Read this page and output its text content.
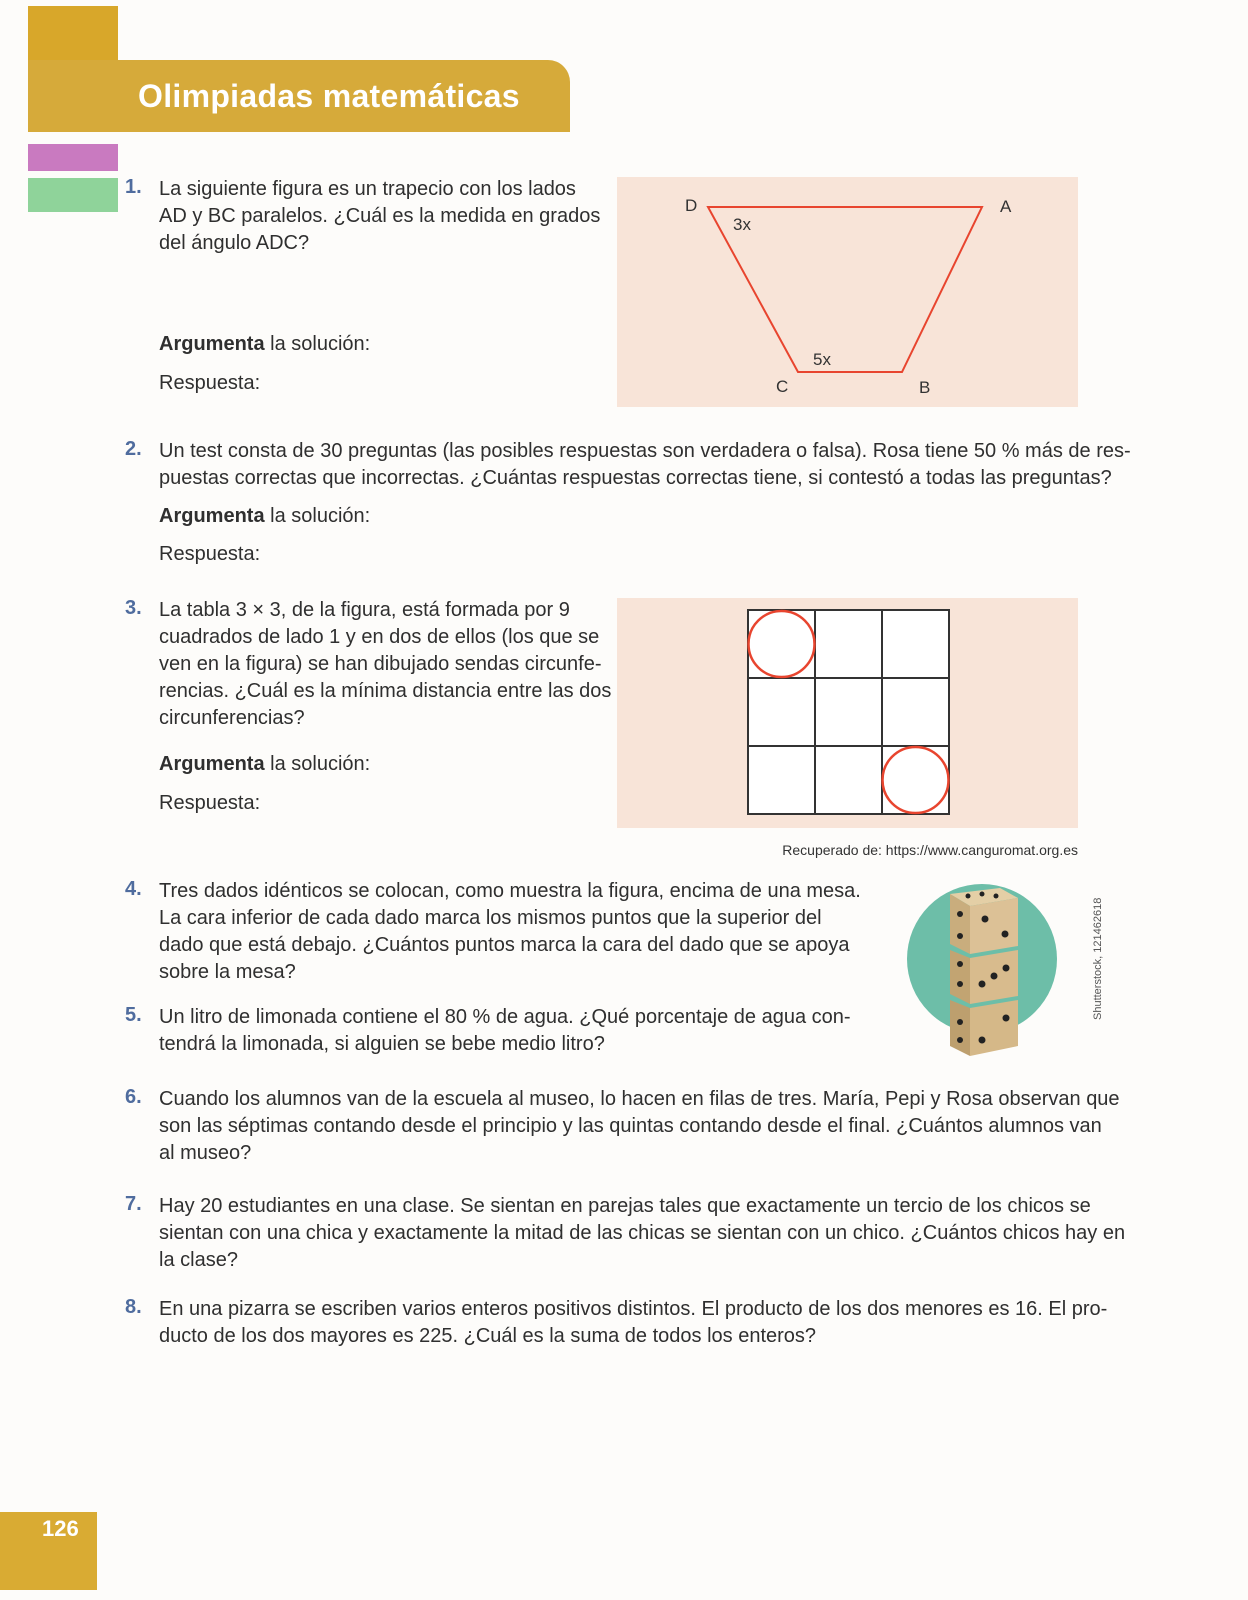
Olimpiadas matemáticas
1. La siguiente figura es un trapecio con los lados
AD y BC paralelos. ¿Cuál es la medida en grados
del ángulo ADC?
Argumenta la solución:
Respuesta:
D	A
C	B
3x
5x
2. Un test consta de 30 preguntas (las posibles respuestas son verdadera o falsa). Rosa tiene 50 % más de res-
puestas correctas que incorrectas. ¿Cuántas respuestas correctas tiene, si contestó a todas las preguntas?
Argumenta la solución:
Respuesta:
3. La tabla 3 × 3, de la figura, está formada por 9
cuadrados de lado 1 y en dos de ellos (los que se
ven en la figura) se han dibujado sendas circunfe-
rencias. ¿Cuál es la mínima distancia entre las dos
circunferencias?
Argumenta la solución:
Respuesta:
Recuperado de: https://www.canguromat.org.es
4. Tres dados idénticos se colocan, como muestra la figura, encima de una mesa.
La cara inferior de cada dado marca los mismos puntos que la superior del
dado que está debajo. ¿Cuántos puntos marca la cara del dado que se apoya
sobre la mesa?	Shutterstock, 121462618
5. Un litro de limonada contiene el 80 % de agua. ¿Qué porcentaje de agua con-
tendrá la limonada, si alguien se bebe medio litro?
6. Cuando los alumnos van de la escuela al museo, lo hacen en filas de tres. María, Pepi y Rosa observan que
son las séptimas contando desde el principio y las quintas contando desde el final. ¿Cuántos alumnos van
al museo?
7. Hay 20 estudiantes en una clase. Se sientan en parejas tales que exactamente un tercio de los chicos se
sientan con una chica y exactamente la mitad de las chicas se sientan con un chico. ¿Cuántos chicos hay en
la clase?
8. En una pizarra se escriben varios enteros positivos distintos. El producto de los dos menores es 16. El pro-
ducto de los dos mayores es 225. ¿Cuál es la suma de todos los enteros?
126
